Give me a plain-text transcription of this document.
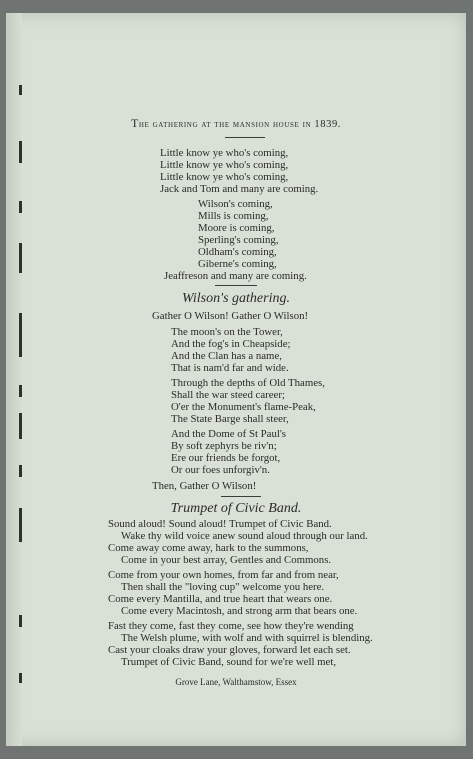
The gathering at the mansion house in 1839.
Little know ye who's coming,
Little know ye who's coming,
Little know ye who's coming,
Jack and Tom and many are coming.
Wilson's coming,
Mills is coming,
Moore is coming,
Sperling's coming,
Oldham's coming,
Giberne's coming,
Jeaffreson and many are coming.
Wilson's gathering.
Gather O Wilson! Gather O Wilson!
The moon's on the Tower,
And the fog's in Cheapside;
And the Clan has a name,
That is nam'd far and wide.
Through the depths of Old Thames,
Shall the war steed career;
O'er the Monument's flame-Peak,
The State Barge shall steer,
And the Dome of St Paul's
By soft zephyrs be riv'n;
Ere our friends be forgot,
Or our foes unforgiv'n.
Then, Gather O Wilson!
Trumpet of Civic Band.
Sound aloud! Sound aloud! Trumpet of Civic Band.
Wake thy wild voice anew sound aloud through our land.
Come away come away, hark to the summons,
Come in your best array, Gentles and Commons.
Come from your own homes, from far and from near,
Then shall the "loving cup" welcome you here.
Come every Mantilla, and true heart that wears one.
Come every Macintosh, and strong arm that bears one.
Fast they come, fast they come, see how they're wending
The Welsh plume, with wolf and with squirrel is blending.
Cast your cloaks draw your gloves, forward let each set.
Trumpet of Civic Band, sound for we're well met,
Grove Lane, Walthamstow, Essex
